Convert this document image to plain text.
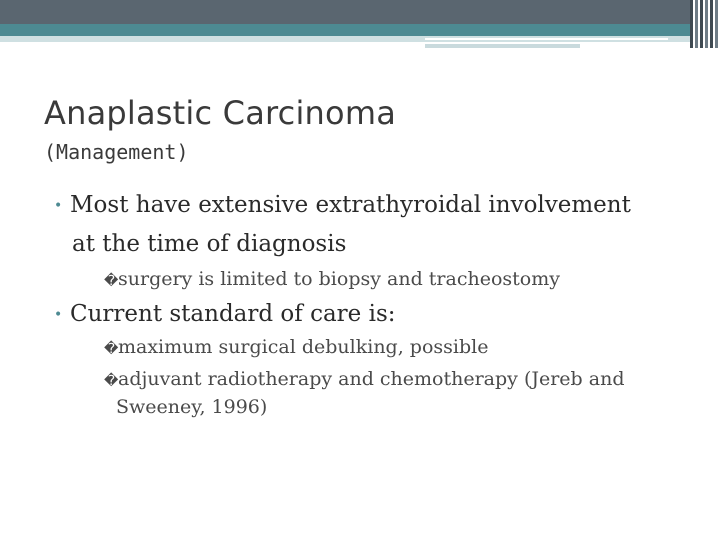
Anaplastic Carcinoma
(Management)
• Most have extensive extrathyroidal involvement
at the time of diagnosis
�surgery is limited to biopsy and tracheostomy
• Current standard of care is:
�maximum surgical debulking, possible
�adjuvant radiotherapy and chemotherapy (Jereb and
Sweeney, 1996)
